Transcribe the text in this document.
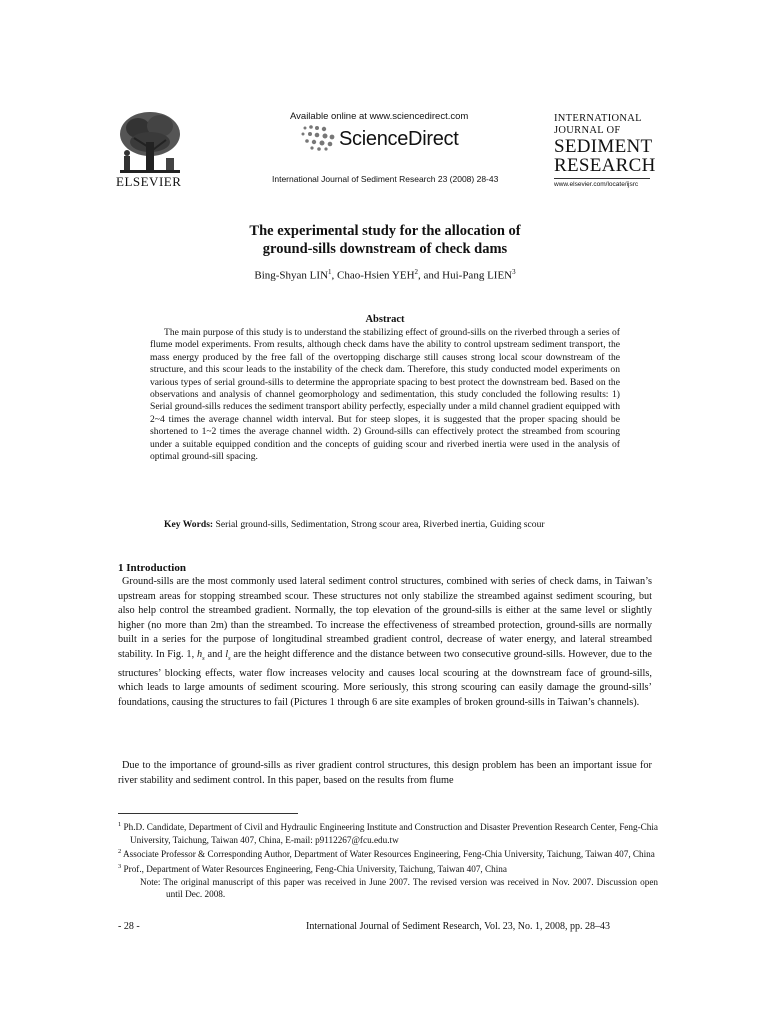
ELSEVIER
Available online at www.sciencedirect.com
ScienceDirect
International Journal of Sediment Research 23 (2008) 28-43
INTERNATIONAL
JOURNAL OF
SEDIMENT
RESEARCH
www.elsevier.com/locate/ijsrc
The experimental study for the allocation of
ground-sills downstream of check dams
Bing-Shyan LIN$^1$, Chao-Hsien YEH$^2$, and Hui-Pang LIEN$^3$
Abstract

The main purpose of this study is to understand the stabilizing effect of ground-sills on the riverbed through a series of flume model experiments. From results, although check dams have the ability to control upstream sediment transport, the mass energy produced by the free fall of the overtopping discharge still causes strong local scour downstream of the structure, and this scour leads to the instability of the check dam. Therefore, this study conducted model experiments on various types of serial ground-sills to determine the appropriate spacing to best protect the downstream bed. Based on the observations and analysis of channel geomorphology and sedimentation, this study concluded the following results: 1) Serial ground-sills reduces the sediment transport ability perfectly, especially under a mild channel gradient equipped with 2~4 times the average channel width interval. But for steep slopes, it is suggested that the proper spacing should be shortened to 1~2 times the average channel width. 2) Ground-sills can effectively protect the streambed from scouring under a suitable equipped condition and the concepts of guiding scour and riverbed inertia were used in the analysis of optimal ground-sill spacing.

Key Words: Serial ground-sills, Sedimentation, Strong scour area, Riverbed inertia, Guiding scour
1 Introduction

Ground-sills are the most commonly used lateral sediment control structures, combined with series of check dams, in Taiwan’s upstream areas for stopping streambed scour. These structures not only stabilize the streambed against sediment scouring, but also help control the streambed gradient. Normally, the top elevation of the ground-sills is either at the same level or slightly higher (no more than 2m) than the streambed. To increase the effectiveness of streambed protection, ground-sills are normally built in a series for the purpose of longitudinal streambed gradient control, decrease of water energy, and lateral streambed stability. In Fig. 1, $h_s$ and $l_s$ are the height difference and the distance between two consecutive ground-sills. However, due to the structures’ blocking effects, water flow increases velocity and causes local scouring at the downstream face of ground-sills, which leads to large amounts of sediment scouring. More seriously, this strong scouring can easily damage the ground-sills’ foundations, causing the structures to fail (Pictures 1 through 6 are site examples of broken ground-sills in Taiwan’s channels).

Due to the importance of ground-sills as river gradient control structures, this design problem has been an important issue for river stability and sediment control. In this paper, based on the results from flume

$^1$ Ph.D. Candidate, Department of Civil and Hydraulic Engineering Institute and Construction and Disaster Prevention Research Center, Feng-Chia University, Taichung, Taiwan 407, China, E-mail: p9112267@fcu.edu.tw

$^2$ Associate Professor & Corresponding Author, Department of Water Resources Engineering, Feng-Chia University, Taichung, Taiwan 407, China

$^3$ Prof., Department of Water Resources Engineering, Feng-Chia University, Taichung, Taiwan 407, China

Note: The original manuscript of this paper was received in June 2007. The revised version was received in Nov. 2007. Discussion open until Dec. 2008.

- 28 -	International Journal of Sediment Research, Vol. 23, No. 1, 2008, pp. 28–43
